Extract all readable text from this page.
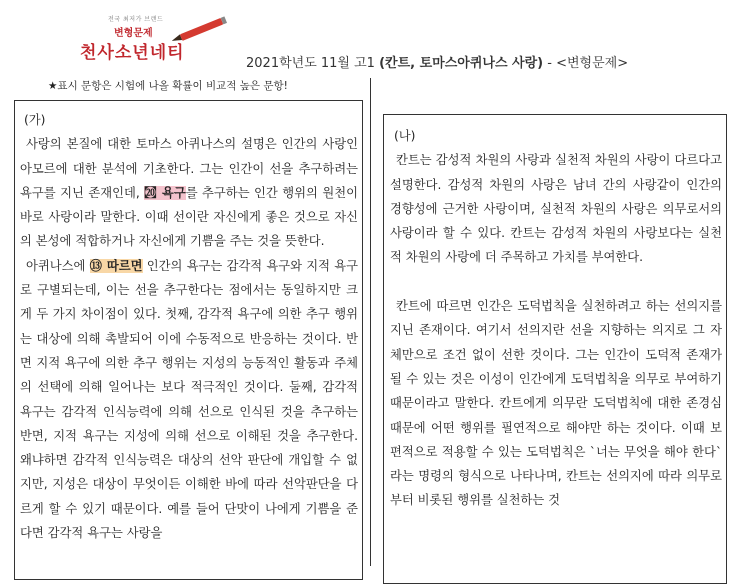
전국 최저가 브랜드
변형문제
천사소년네티
2021학년도 11월 고1 (칸트, 토마스아퀴나스 사랑) - <변형문제>
★표시 문항은 시험에 나올 확률이 비교적 높은 문항!

(가)

사랑의 본질에 대한 토마스 아퀴나스의 설명은 인간의 사랑인 아모르에 대한 분석에 기초한다. 그는 인간이 선을 추구하려는 욕구를 지닌 존재인데, ㉉ 욕구를 추구하는 인간 행위의 원천이 바로 사랑이라 말한다. 이때 선이란 자신에게 좋은 것으로 자신의 본성에 적합하거나 자신에게 기쁨을 주는 것을 뜻한다.

아퀴나스에 ⑬ 따르면 인간의 욕구는 감각적 욕구와 지적 욕구로 구별되는데, 이는 선을 추구한다는 점에서는 동일하지만 크게 두 가지 차이점이 있다. 첫째, 감각적 욕구에 의한 추구 행위는 대상에 의해 촉발되어 이에 수동적으로 반응하는 것이다. 반면 지적 욕구에 의한 추구 행위는 지성의 능동적인 활동과 주체의 선택에 의해 일어나는 보다 적극적인 것이다. 둘째, 감각적 욕구는 감각적 인식능력에 의해 선으로 인식된 것을 추구하는 반면, 지적 욕구는 지성에 의해 선으로 이해된 것을 추구한다. 왜냐하면 감각적 인식능력은 대상의 선악 판단에 개입할 수 없지만, 지성은 대상이 무엇이든 이해한 바에 따라 선악판단을 다르게 할 수 있기 때문이다. 예를 들어 단맛이 나에게 기쁨을 준다면 감각적 욕구는 사랑을

(나)

칸트는 감성적 차원의 사랑과 실천적 차원의 사랑이 다르다고 설명한다. 감성적 차원의 사랑은 남녀 간의 사랑같이 인간의 경향성에 근거한 사랑이며, 실천적 차원의 사랑은 의무로서의 사랑이라 할 수 있다. 칸트는 감성적 차원의 사랑보다는 실천적 차원의 사랑에 더 주목하고 가치를 부여한다.

칸트에 따르면 인간은 도덕법칙을 실천하려고 하는 선의지를 지닌 존재이다. 여기서 선의지란 선을 지향하는 의지로 그 자체만으로 조건 없이 선한 것이다. 그는 인간이 도덕적 존재가 될 수 있는 것은 이성이 인간에게 도덕법칙을 의무로 부여하기 때문이라고 말한다. 칸트에게 의무란 도덕법칙에 대한 존경심 때문에 어떤 행위를 필연적으로 해야만 하는 것이다. 이때 보편적으로 적용할 수 있는 도덕법칙은 `너는 무엇을 해야 한다`라는 명령의 형식으로 나타나며, 칸트는 선의지에 따라 의무로부터 비롯된 행위를 실천하는 것
